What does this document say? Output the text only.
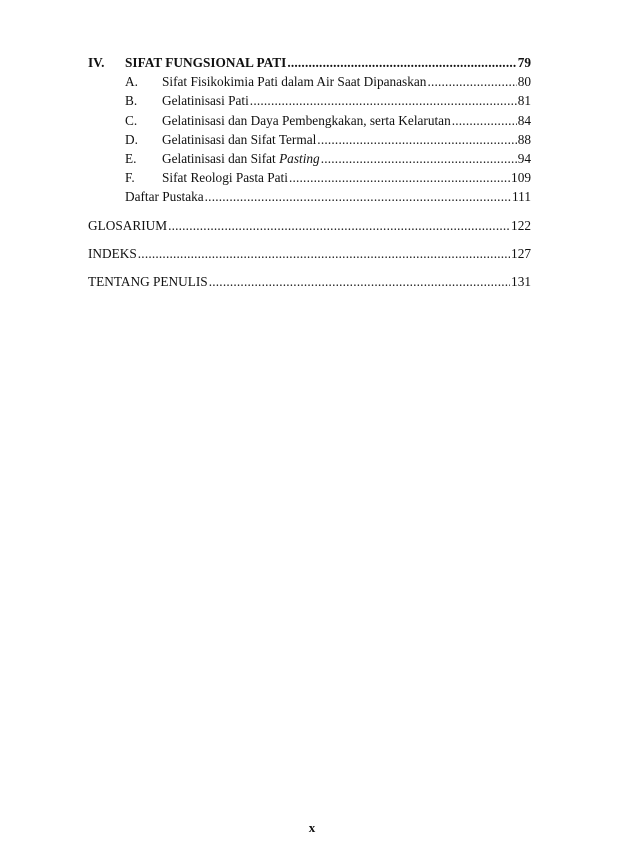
IV.	SIFAT FUNGSIONAL PATI .....	79
A.	Sifat Fisikokimia Pati dalam Air Saat Dipanaskan .....	80
B.	Gelatinisasi Pati .....	81
C.	Gelatinisasi dan Daya Pembengkakan, serta Kelarutan .....	84
D.	Gelatinisasi dan Sifat Termal .....	88
E.	Gelatinisasi dan Sifat Pasting .....	94
F.	Sifat Reologi Pasta Pati .....	109
Daftar Pustaka .....	111
GLOSARIUM .....	122
INDEKS .....	127
TENTANG PENULIS .....	131
x
